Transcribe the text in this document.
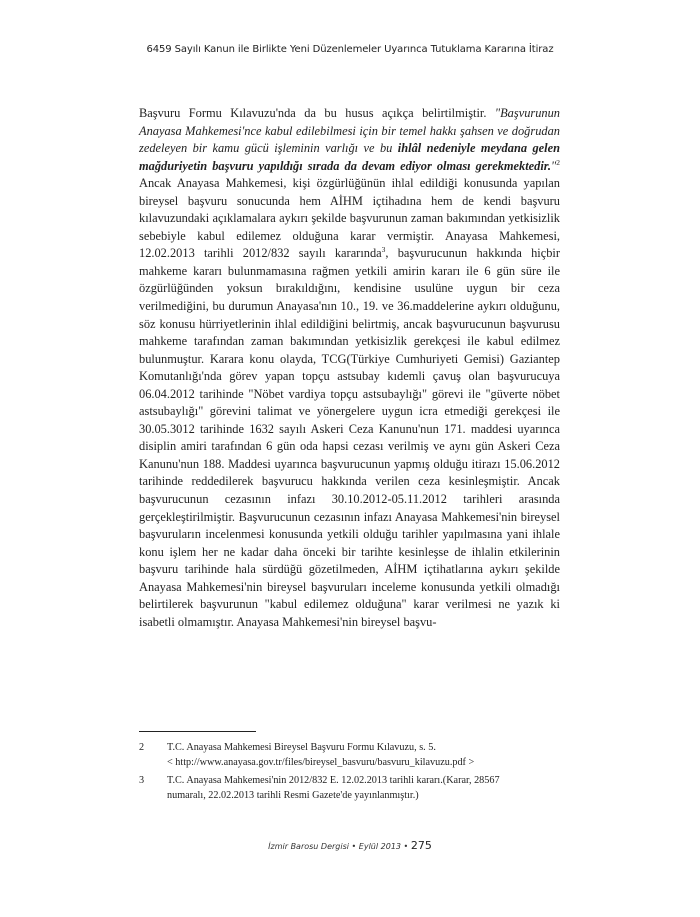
6459 Sayılı Kanun ile Birlikte Yeni Düzenlemeler Uyarınca Tutuklama Kararına İtiraz

Başvuru Formu Kılavuzu'nda da bu husus açıkça belirtilmiştir. "Başvurunun Anayasa Mahkemesi'nce kabul edilebilmesi için bir temel hakkı şahsen ve doğrudan zedeleyen bir kamu gücü işleminin varlığı ve bu ihlâl nedeniyle meydana gelen mağduriyetin başvuru yapıldığı sırada da devam ediyor olması gerekmektedir."$^2$ Ancak Anayasa Mahkemesi, kişi özgürlüğünün ihlal edildiği konusunda yapılan bireysel başvuru sonucunda hem AİHM içtihadına hem de kendi başvuru kılavuzundaki açıklamalara aykırı şekilde başvurunun zaman bakımından yetkisizlik sebebiyle kabul edilemez olduğuna karar vermiştir. Anayasa Mahkemesi, 12.02.2013 tarihli 2012/832 sayılı kararında$^3$, başvurucunun hakkında hiçbir mahkeme kararı bulunmamasına rağmen yetkili amirin kararı ile 6 gün süre ile özgürlüğünden yoksun bırakıldığını, kendisine usulüne uygun bir ceza verilmediğini, bu durumun Anayasa'nın 10., 19. ve 36.maddelerine aykırı olduğunu, söz konusu hürriyetlerinin ihlal edildiğini belirtmiş, ancak başvurucunun başvurusu mahkeme tarafından zaman bakımından yetkisizlik gerekçesi ile kabul edilmez bulunmuştur. Karara konu olayda, TCG(Türkiye Cumhuriyeti Gemisi) Gaziantep Komutanlığı'nda görev yapan topçu astsubay kıdemli çavuş olan başvurucuya 06.04.2012 tarihinde "Nöbet vardiya topçu astsubaylığı" görevi ile "güverte nöbet astsubaylığı" görevini talimat ve yönergelere uygun icra etmediği gerekçesi ile 30.05.3012 tarihinde 1632 sayılı Askeri Ceza Kanunu'nun 171. maddesi uyarınca disiplin amiri tarafından 6 gün oda hapsi cezası verilmiş ve aynı gün Askeri Ceza Kanunu'nun 188. Maddesi uyarınca başvurucunun yapmış olduğu itirazı 15.06.2012 tarihinde reddedilerek başvurucu hakkında verilen ceza kesinleşmiştir. Ancak başvurucunun cezasının infazı 30.10.2012-05.11.2012 tarihleri arasında gerçekleştirilmiştir. Başvurucunun cezasının infazı Anayasa Mahkemesi'nin bireysel başvuruların incelenmesi konusunda yetkili olduğu tarihler yapılmasına yani ihlale konu işlem her ne kadar daha önceki bir tarihte kesinleşse de ihlalin etkilerinin başvuru tarihinde hala sürdüğü gözetilmeden, AİHM içtihatlarına aykırı şekilde Anayasa Mahkemesi'nin bireysel başvuruları inceleme konusunda yetkili olmadığı belirtilerek başvurunun "kabul edilemez olduğuna" karar verilmesi ne yazık ki isabetli olmamıştır. Anayasa Mahkemesi'nin bireysel başvu-

2	T.C. Anayasa Mahkemesi Bireysel Başvuru Formu Kılavuzu, s. 5.
< http://www.anayasa.gov.tr/files/bireysel_basvuru/basvuru_kilavuzu.pdf >
3	T.C. Anayasa Mahkemesi'nin 2012/832 E. 12.02.2013 tarihli kararı.(Karar, 28567
numaralı, 22.02.2013 tarihli Resmi Gazete'de yayınlanmıştır.)
İzmir Barosu Dergisi • Eylül 2013 • 275
